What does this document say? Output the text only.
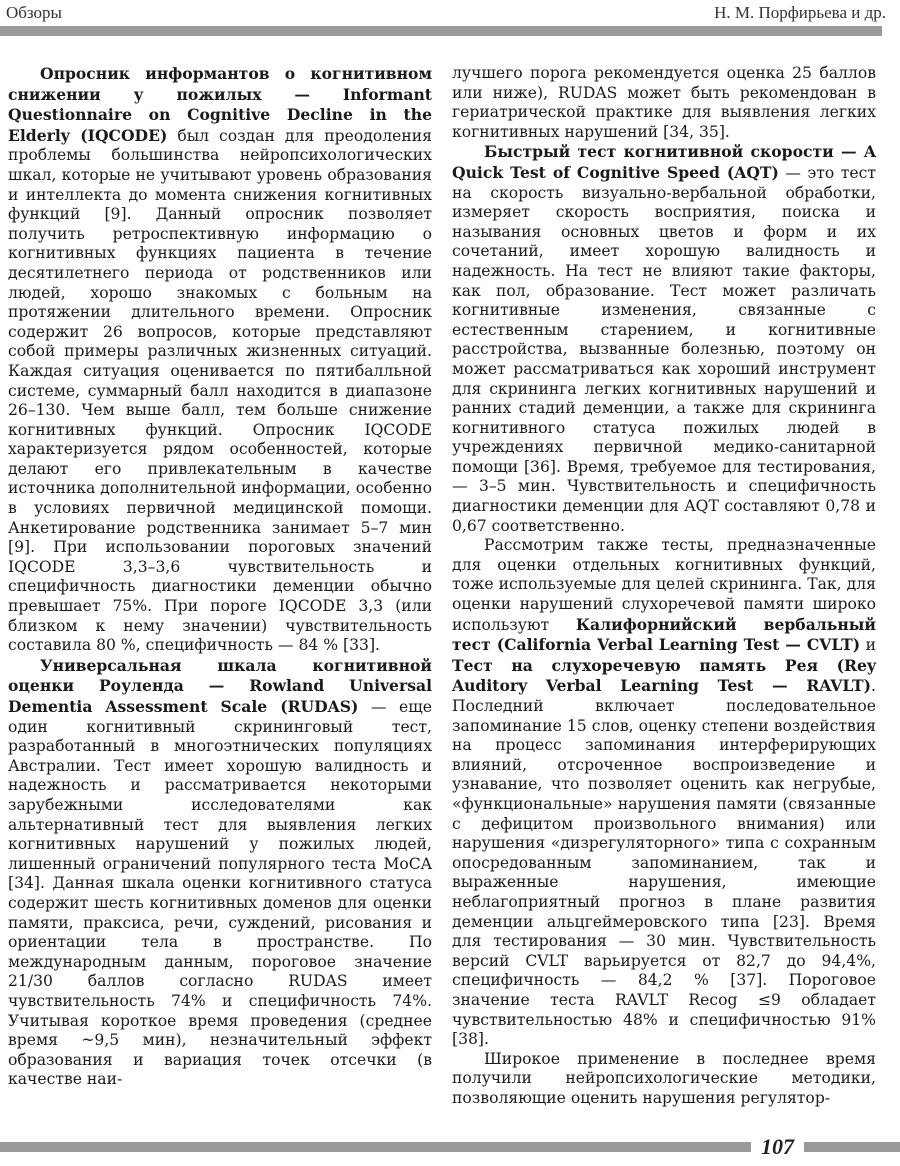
Обзоры	Н. М. Порфирьева и др.

Опросник информантов о когнитивном снижении у пожилых — Informant Questionnaire on Cognitive Decline in the Elderly (IQCODE) был создан для преодоления проблемы большинства нейропсихологических шкал, которые не учитывают уровень образования и интеллекта до момента снижения когнитивных функций [9]. Данный опросник позволяет получить ретроспективную информацию о когнитивных функциях пациента в течение десятилетнего периода от родственников или людей, хорошо знакомых с больным на протяжении длительного времени. Опросник содержит 26 вопросов, которые представляют собой примеры различных жизненных ситуаций. Каждая ситуация оценивается по пятибалльной системе, суммарный балл находится в диапазоне 26–130. Чем выше балл, тем больше снижение когнитивных функций. Опросник IQCODE характеризуется рядом особенностей, которые делают его привлекательным в качестве источника дополнительной информации, особенно в условиях первичной медицинской помощи. Анкетирование родственника занимает 5–7 мин [9]. При использовании пороговых значений IQCODE 3,3–3,6 чувствительность и специфичность диагностики деменции обычно превышает 75%. При пороге IQCODE 3,3 (или близком к нему значении) чувствительность составила 80 %, специфичность — 84 % [33].

Универсальная шкала когнитивной оценки Роуленда — Rowland Universal Dementia Assessment Scale (RUDAS) — еще один когнитивный скрининговый тест, разработанный в многоэтнических популяциях Австралии. Тест имеет хорошую валидность и надежность и рассматривается некоторыми зарубежными исследователями как альтернативный тест для выявления легких когнитивных нарушений у пожилых людей, лишенный ограничений популярного теста MoCA [34]. Данная шкала оценки когнитивного статуса содержит шесть когнитивных доменов для оценки памяти, праксиса, речи, суждений, рисования и ориентации тела в пространстве. По международным данным, пороговое значение 21/30 баллов согласно RUDAS имеет чувствительность 74% и специфичность 74%. Учитывая короткое время проведения (среднее время ~9,5 мин), незначительный эффект образования и вариация точек отсечки (в качестве наи-

лучшего порога рекомендуется оценка 25 баллов или ниже), RUDAS может быть рекомендован в гериатрической практике для выявления легких когнитивных нарушений [34, 35].

Быстрый тест когнитивной скорости — A Quick Test of Cognitive Speed (AQT) — это тест на скорость визуально-вербальной обработки, измеряет скорость восприятия, поиска и называния основных цветов и форм и их сочетаний, имеет хорошую валидность и надежность. На тест не влияют такие факторы, как пол, образование. Тест может различать когнитивные изменения, связанные с естественным старением, и когнитивные расстройства, вызванные болезнью, поэтому он может рассматриваться как хороший инструмент для скрининга легких когнитивных нарушений и ранних стадий деменции, а также для скрининга когнитивного статуса пожилых людей в учреждениях первичной медико-санитарной помощи [36]. Время, требуемое для тестирования, — 3–5 мин. Чувствительность и специфичность диагностики деменции для AQT составляют 0,78 и 0,67 соответственно.

Рассмотрим также тесты, предназначенные для оценки отдельных когнитивных функций, тоже используемые для целей скрининга. Так, для оценки нарушений слухоречевой памяти широко используют Калифорнийский вербальный тест (California Verbal Learning Test — CVLT) и Тест на слухоречевую память Рея (Rey Auditory Verbal Learning Test — RAVLT). Последний включает последовательное запоминание 15 слов, оценку степени воздействия на процесс запоминания интерферирующих влияний, отсроченное воспроизведение и узнавание, что позволяет оценить как негрубые, «функциональные» нарушения памяти (связанные с дефицитом произвольного внимания) или нарушения «дизрегуляторного» типа с сохранным опосредованным запоминанием, так и выраженные нарушения, имеющие неблагоприятный прогноз в плане развития деменции альцгеймеровского типа [23]. Время для тестирования — 30 мин. Чувствительность версий CVLT варьируется от 82,7 до 94,4%, специфичность — 84,2 % [37]. Пороговое значение теста RAVLT Recog ≤9 обладает чувствительностью 48% и специфичностью 91% [38].

Широкое применение в последнее время получили нейропсихологические методики, позволяющие оценить нарушения регулятор-

107
